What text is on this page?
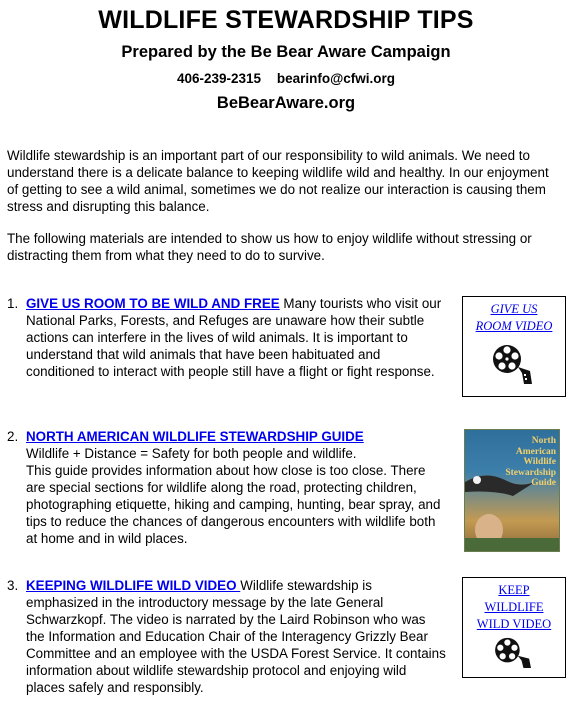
WILDLIFE STEWARDSHIP TIPS
Prepared by the Be Bear Aware Campaign
406-239-2315 bearinfo@cfwi.org
BeBearAware.org

Wildlife stewardship is an important part of our responsibility to wild animals. We need to understand there is a delicate balance to keeping wildlife wild and healthy. In our enjoyment of getting to see a wild animal, sometimes we do not realize our interaction is causing them stress and disrupting this balance.

The following materials are intended to show us how to enjoy wildlife without stressing or distracting them from what they need to do to survive.

1. GIVE US ROOM TO BE WILD AND FREE Many tourists who visit our National Parks, Forests, and Refuges are unaware how their subtle actions can interfere in the lives of wild animals. It is important to understand that wild animals that have been habituated and conditioned to interact with people still have a flight or fight response.
2. NORTH AMERICAN WILDLIFE STEWARDSHIP GUIDE
Wildlife + Distance = Safety for both people and wildlife.
This guide provides information about how close is too close. There are special sections for wildlife along the road, protecting children, photographing etiquette, hiking and camping, hunting, bear spray, and tips to reduce the chances of dangerous encounters with wildlife both at home and in wild places.
3. KEEPING WILDLIFE WILD VIDEO Wildlife stewardship is emphasized in the introductory message by the late General Schwarzkopf. The video is narrated by the Laird Robinson who was the Information and Education Chair of the Interagency Grizzly Bear Committee and an employee with the USDA Forest Service. It contains information about wildlife stewardship protocol and enjoying wild places safely and responsibly.
GIVE US
ROOM VIDEO
North
American
Wildlife
Stewardship
Guide
KEEP
WILDLIFE
WILD VIDEO
